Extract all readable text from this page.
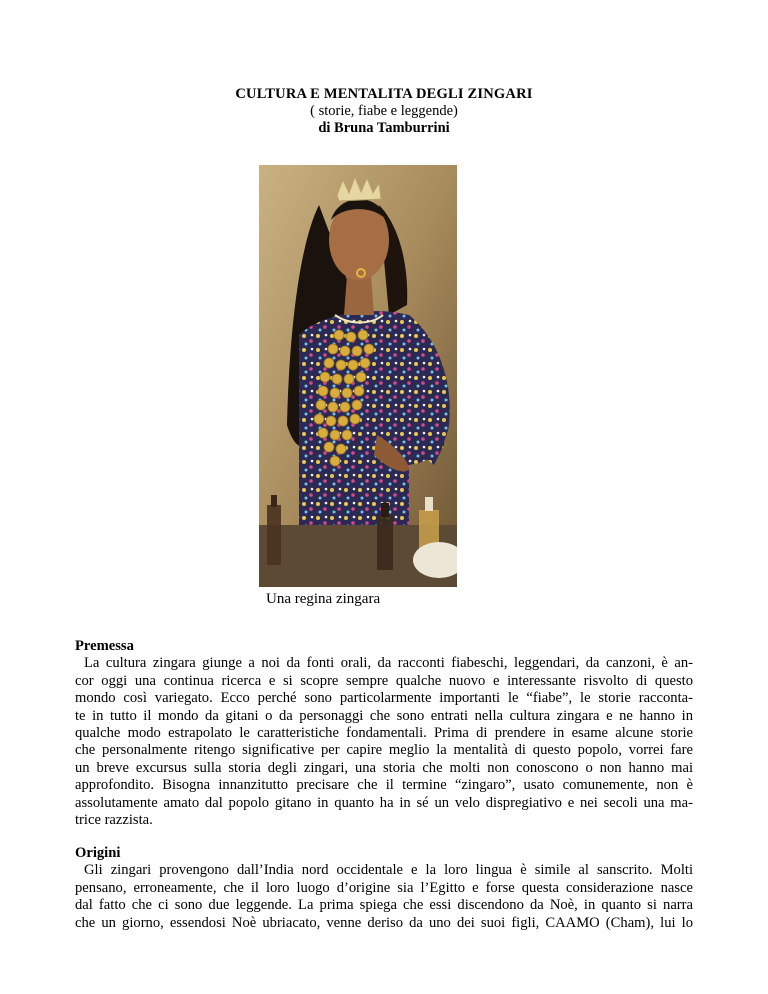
CULTURA E MENTALITA DEGLI ZINGARI
( storie, fiabe e leggende)
di Bruna Tamburrini
Una regina zingara
Premessa
La cultura zingara giunge a noi da fonti orali, da racconti fiabeschi, leggendari, da canzoni, è an-
cor oggi una continua ricerca e si scopre sempre qualche nuovo e interessante risvolto di questo
mondo così variegato. Ecco perché sono particolarmente importanti le “fiabe”, le storie racconta-
te in tutto il mondo da gitani o da personaggi che sono entrati nella cultura zingara e ne hanno in
qualche modo estrapolato le caratteristiche fondamentali. Prima di prendere in esame alcune storie
che personalmente ritengo significative per capire meglio la mentalità di questo popolo, vorrei fare
un breve excursus sulla storia degli zingari, una storia che molti non conoscono o non hanno mai
approfondito. Bisogna innanzitutto precisare che il termine “zingaro”, usato comunemente, non è
assolutamente amato dal popolo gitano in quanto ha in sé un velo dispregiativo e nei secoli una ma-
trice razzista.
Origini
Gli zingari provengono dall’India nord occidentale e la loro lingua è simile al sanscrito. Molti
pensano, erroneamente, che il loro luogo d’origine sia l’Egitto e forse questa considerazione nasce
dal fatto che ci sono due leggende. La prima spiega che essi discendono da Noè, in quanto si narra
che un giorno, essendosi Noè ubriacato, venne deriso da uno dei suoi figli, CAAMO (Cham), lui lo
